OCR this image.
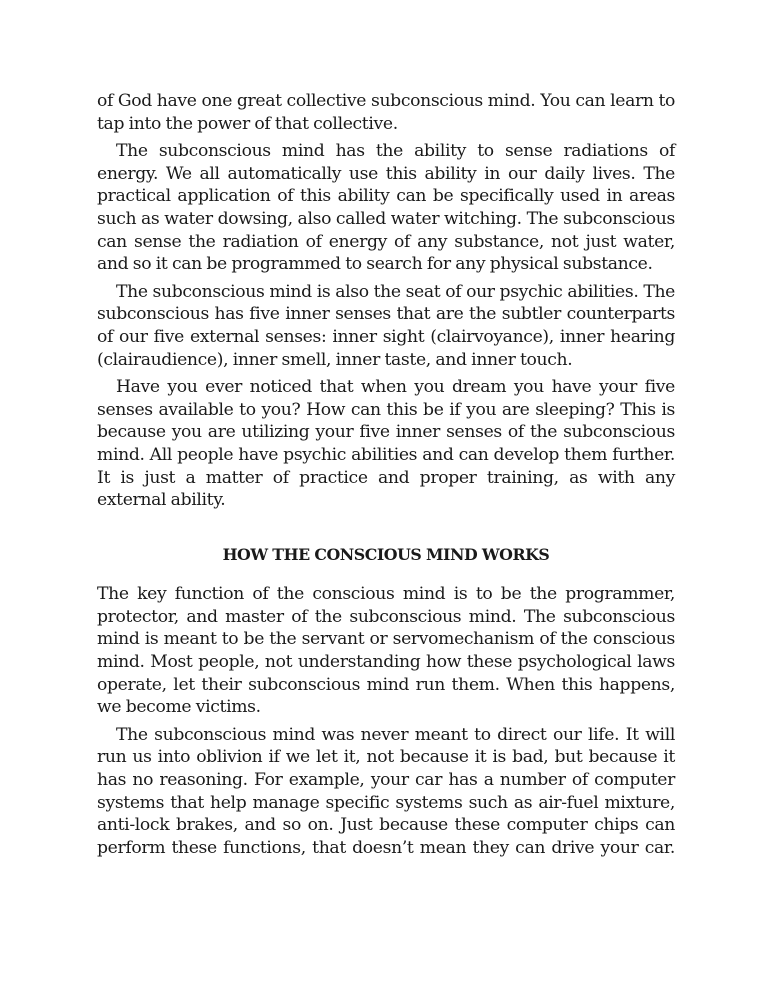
of God have one great collective subconscious mind. You can learn to tap into the power of that collective.

The subconscious mind has the ability to sense radiations of energy. We all automatically use this ability in our daily lives. The practical application of this ability can be specifically used in areas such as water dowsing, also called water witching. The subconscious can sense the radiation of energy of any substance, not just water, and so it can be programmed to search for any physical substance.

The subconscious mind is also the seat of our psychic abilities. The subconscious has five inner senses that are the subtler counterparts of our five external senses: inner sight (clairvoyance), inner hearing (clairaudience), inner smell, inner taste, and inner touch.

Have you ever noticed that when you dream you have your five senses available to you? How can this be if you are sleeping? This is because you are utilizing your five inner senses of the subconscious mind. All people have psychic abilities and can develop them further. It is just a matter of practice and proper training, as with any external ability.

HOW THE CONSCIOUS MIND WORKS

The key function of the conscious mind is to be the programmer, protector, and master of the subconscious mind. The subconscious mind is meant to be the servant or servomechanism of the conscious mind. Most people, not understanding how these psychological laws operate, let their subconscious mind run them. When this happens, we become victims.

The subconscious mind was never meant to direct our life. It will run us into oblivion if we let it, not because it is bad, but because it has no reasoning. For example, your car has a number of computer systems that help manage specific systems such as air-fuel mixture, anti-lock brakes, and so on. Just because these computer chips can perform these functions, that doesn’t mean they can drive your car.
